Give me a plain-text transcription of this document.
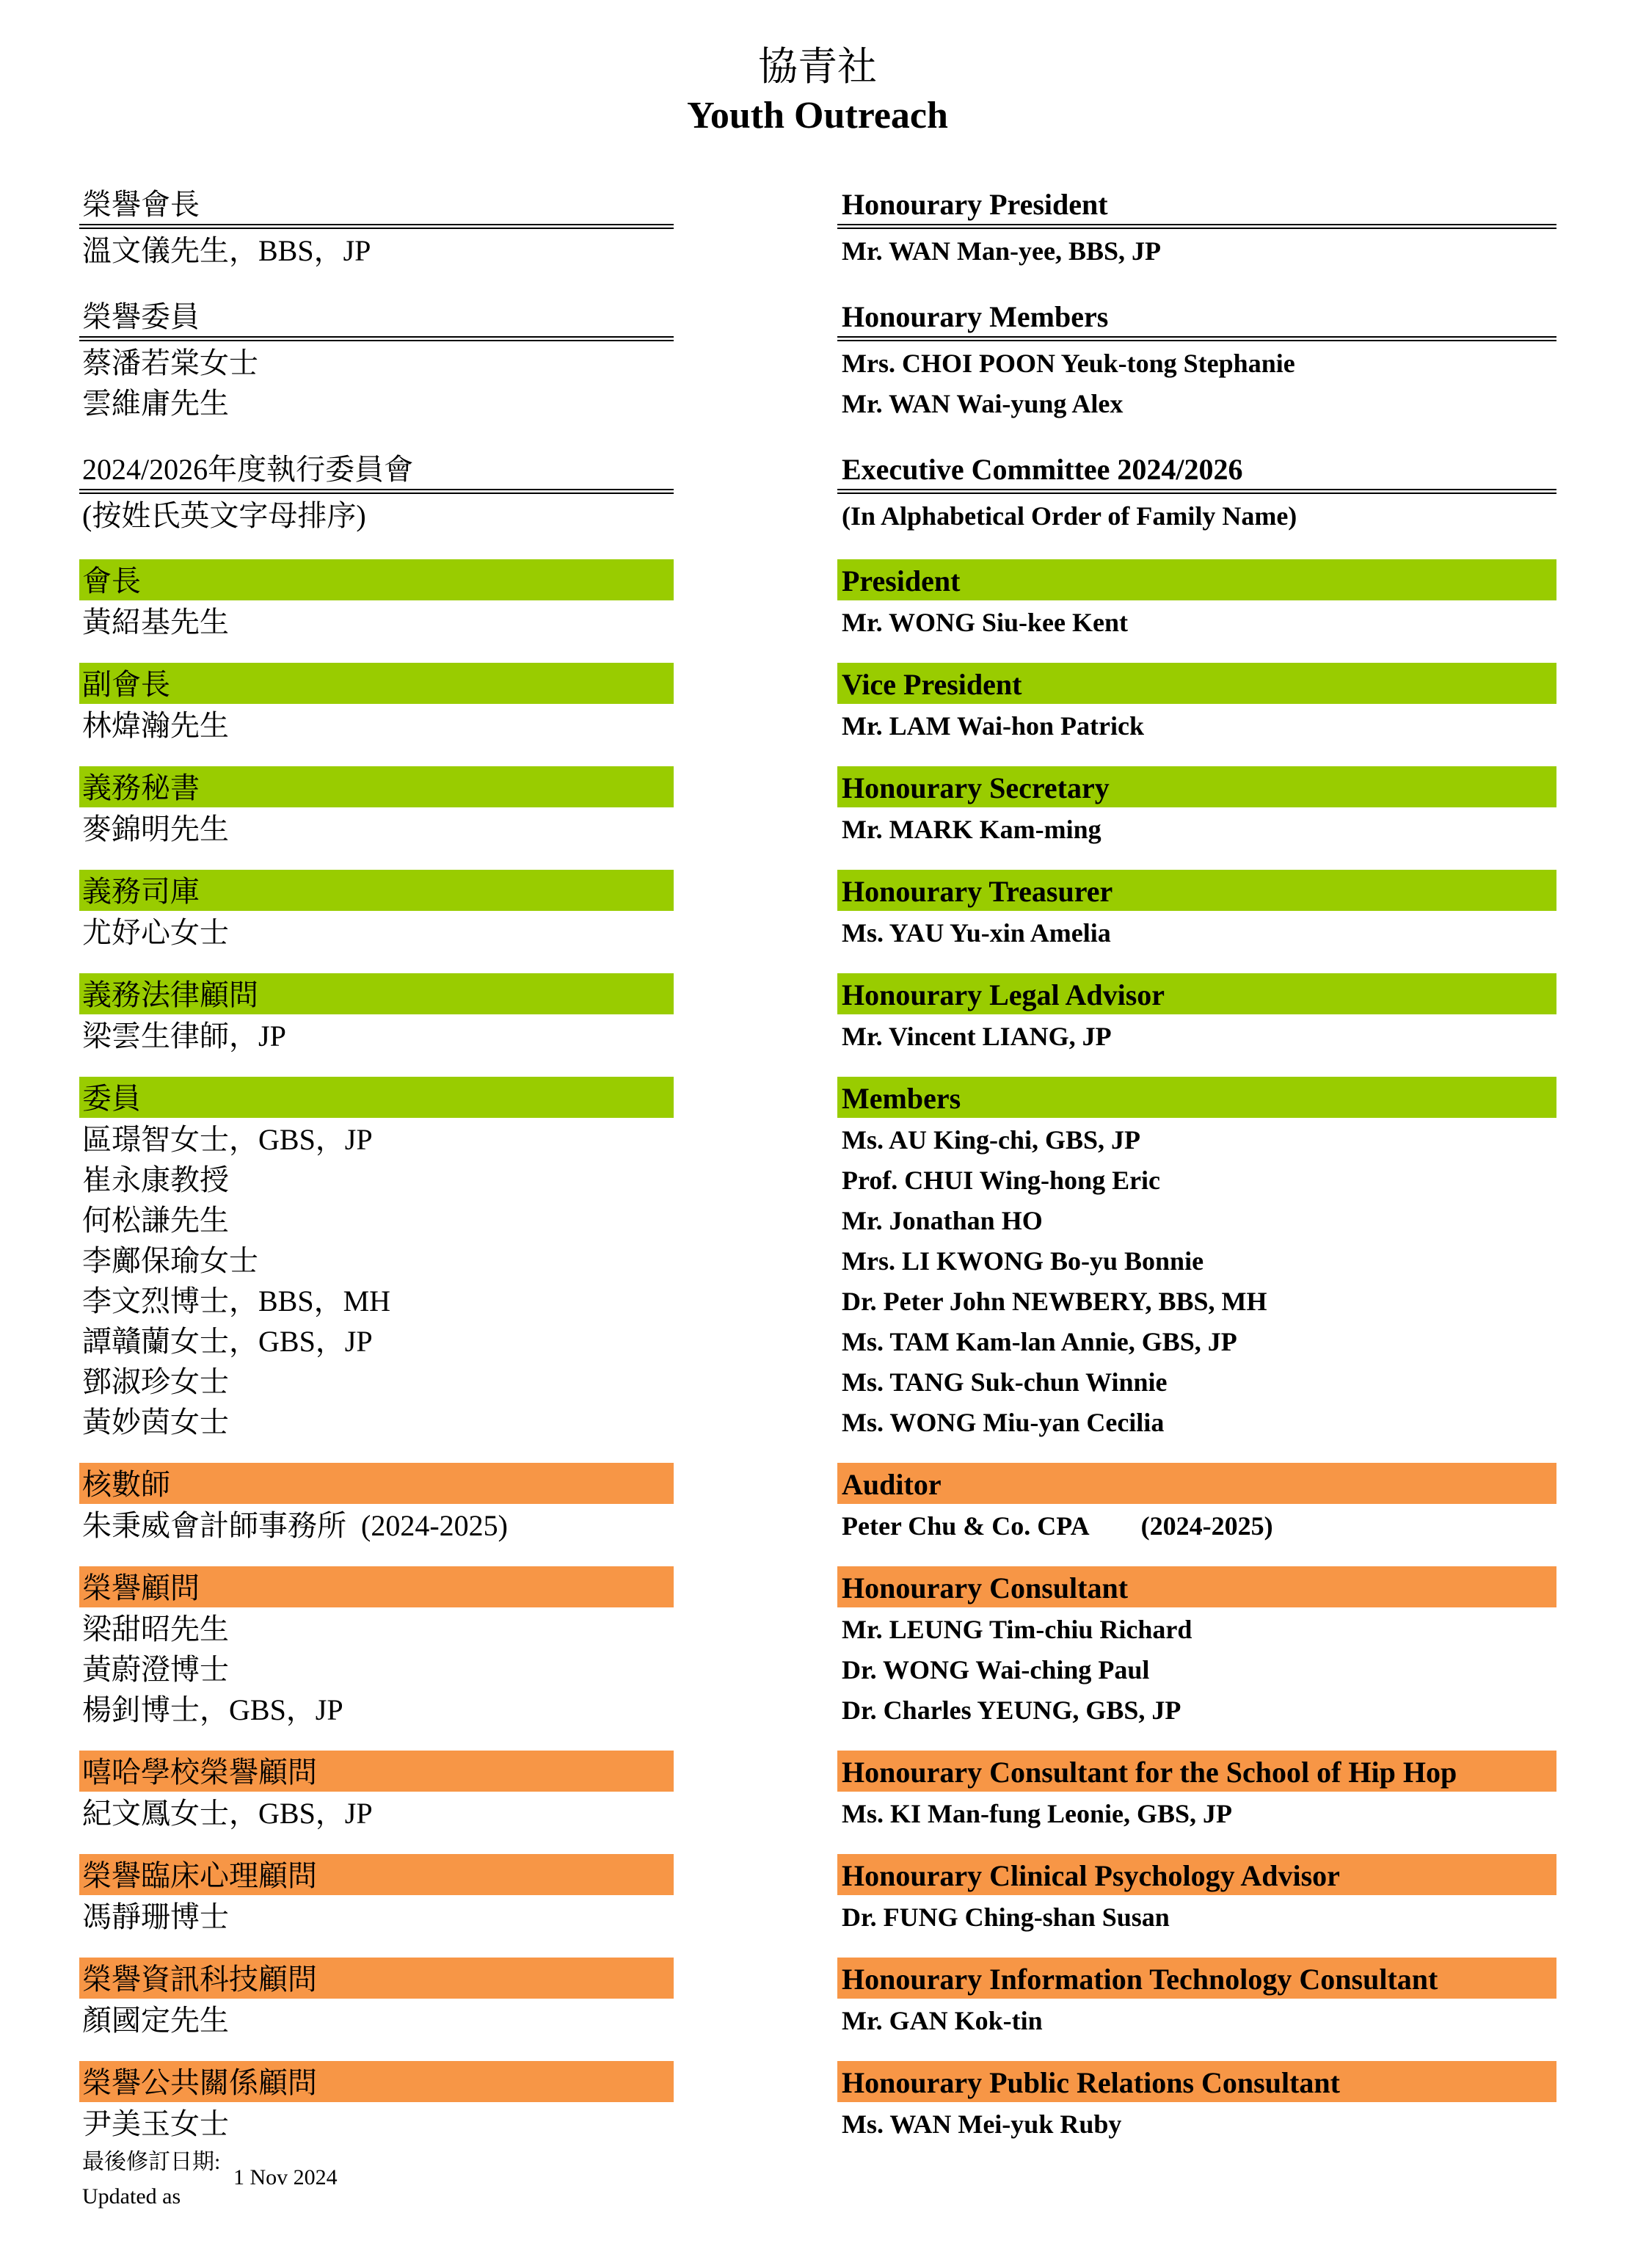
協青社
Youth Outreach
榮譽會長
溫文儀先生，BBS，JP
榮譽委員
蔡潘若棠女士
雲維庸先生
2024/2026年度執行委員會
(按姓氏英文字母排序)
會長
黃紹基先生
副會長
林煒瀚先生
義務秘書
麥錦明先生
義務司庫
尤妤心女士
義務法律顧問
梁雲生律師，JP
委員
區璟智女士，GBS，JP
崔永康教授
何松謙先生
李鄺保瑜女士
李文烈博士，BBS，MH
譚贛蘭女士，GBS，JP
鄧淑珍女士
黃妙茵女士
核數師
朱秉威會計師事務所  (2024-2025)
榮譽顧問
梁甜昭先生
黃蔚澄博士
楊釗博士，GBS，JP
嘻哈學校榮譽顧問
紀文鳳女士，GBS，JP
榮譽臨床心理顧問
馮靜珊博士
榮譽資訊科技顧問
顏國定先生
榮譽公共關係顧問
尹美玉女士
Honourary President
Mr. WAN Man-yee, BBS, JP
Honourary Members
Mrs. CHOI POON Yeuk-tong Stephanie
Mr. WAN Wai-yung Alex
Executive Committee 2024/2026
(In Alphabetical Order of Family Name)
President
Mr. WONG Siu-kee Kent
Vice President
Mr. LAM Wai-hon Patrick
Honourary Secretary
Mr. MARK Kam-ming
Honourary Treasurer
Ms. YAU Yu-xin Amelia
Honourary Legal Advisor
Mr. Vincent LIANG, JP
Members
Ms. AU King-chi, GBS, JP
Prof. CHUI Wing-hong Eric
Mr. Jonathan HO
Mrs. LI KWONG Bo-yu Bonnie
Dr. Peter John NEWBERY, BBS, MH
Ms. TAM Kam-lan Annie, GBS, JP
Ms. TANG Suk-chun Winnie
Ms. WONG Miu-yan Cecilia
Auditor
Peter Chu & Co. CPA        (2024-2025)
Honourary Consultant
Mr. LEUNG Tim-chiu Richard
Dr. WONG Wai-ching Paul
Dr. Charles YEUNG, GBS, JP
Honourary Consultant for the School of Hip Hop
Ms. KI Man-fung Leonie, GBS, JP
Honourary Clinical Psychology Advisor
Dr. FUNG Ching-shan Susan
Honourary Information Technology Consultant
Mr. GAN Kok-tin
Honourary Public Relations Consultant
Ms. WAN Mei-yuk Ruby
最後修訂日期:
1 Nov 2024
Updated as
